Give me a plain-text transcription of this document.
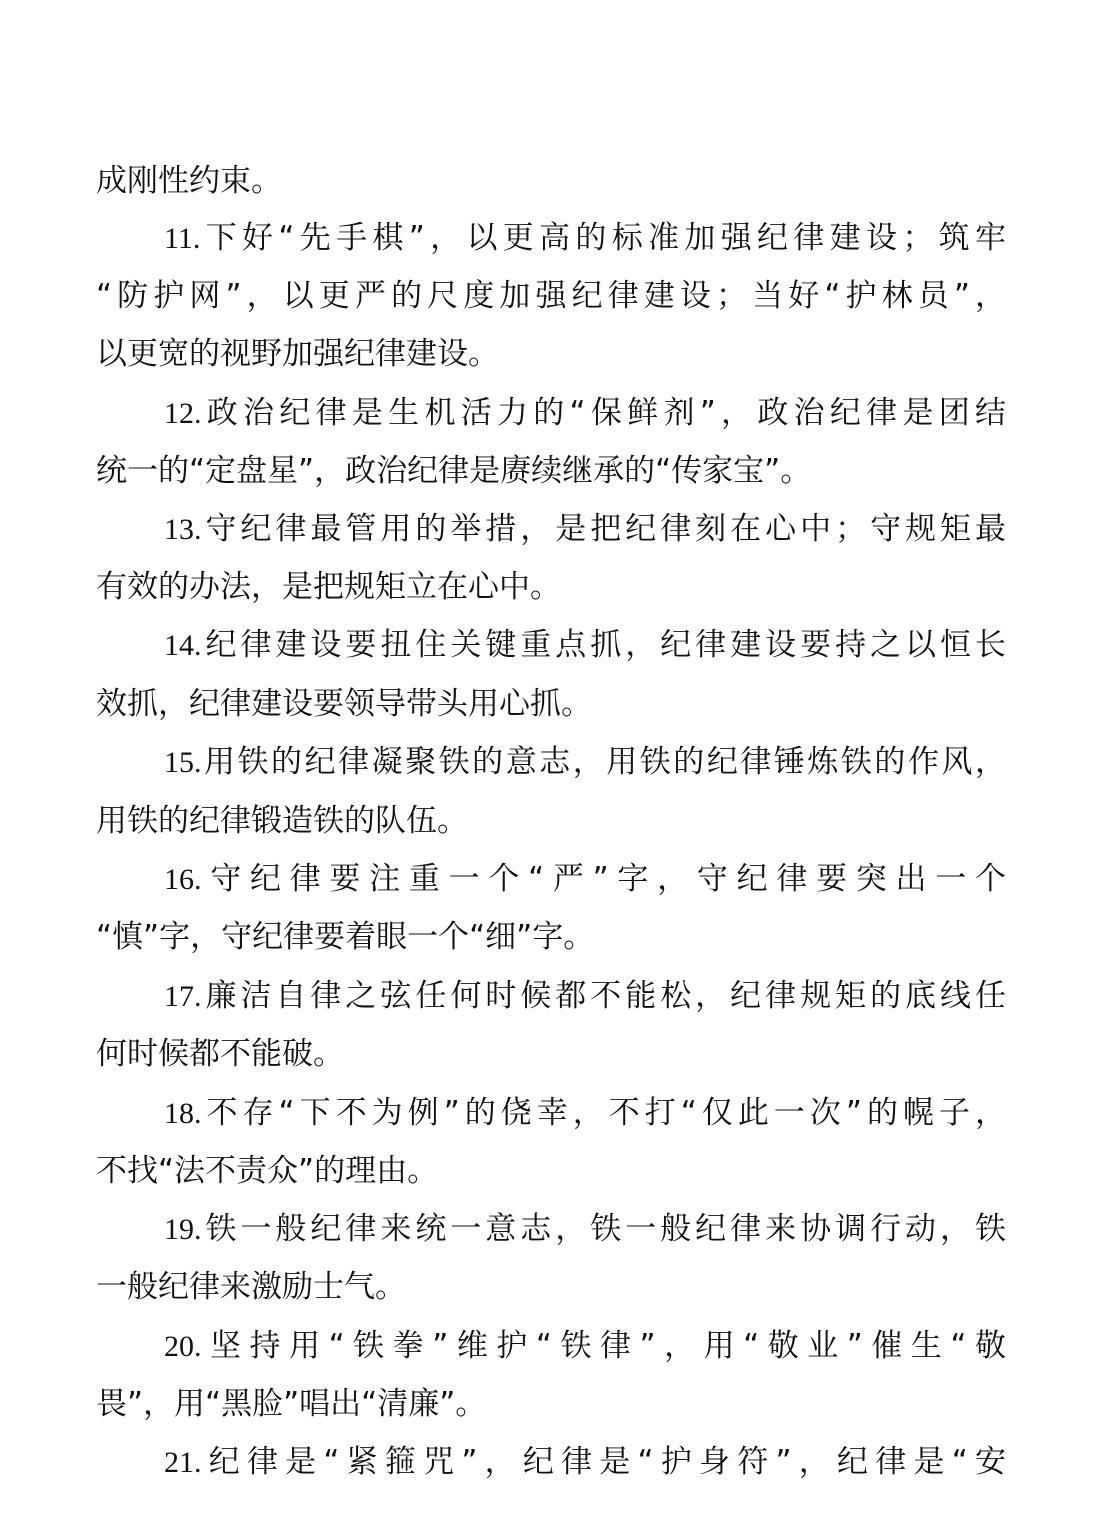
成刚性约束。
11.下好“先手棋”，以更高的标准加强纪律建设；筑牢
“防护网”，以更严的尺度加强纪律建设；当好“护林员”，
以更宽的视野加强纪律建设。
12.政治纪律是生机活力的“保鲜剂”，政治纪律是团结
统一的“定盘星”，政治纪律是赓续继承的“传家宝”。
13.守纪律最管用的举措，是把纪律刻在心中；守规矩最
有效的办法，是把规矩立在心中。
14.纪律建设要扭住关键重点抓，纪律建设要持之以恒长
效抓，纪律建设要领导带头用心抓。
15.用铁的纪律凝聚铁的意志，用铁的纪律锤炼铁的作风，
用铁的纪律锻造铁的队伍。
16.守纪律要注重一个“严”字，守纪律要突出一个
“慎”字，守纪律要着眼一个“细”字。
17.廉洁自律之弦任何时候都不能松，纪律规矩的底线任
何时候都不能破。
18.不存“下不为例”的侥幸，不打“仅此一次”的幌子，
不找“法不责众”的理由。
19.铁一般纪律来统一意志，铁一般纪律来协调行动，铁
一般纪律来激励士气。
20.坚持用“铁拳”维护“铁律”，用“敬业”催生“敬
畏”，用“黑脸”唱出“清廉”。
21.纪律是“紧箍咒”，纪律是“护身符”，纪律是“安
